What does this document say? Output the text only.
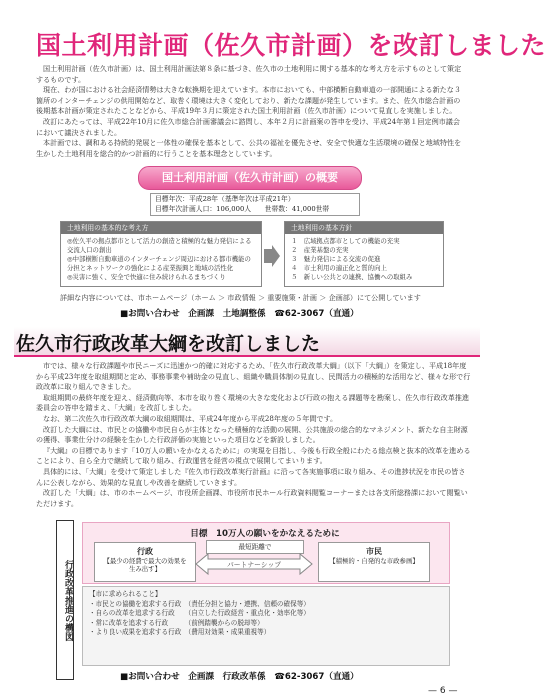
国土利用計画（佐久市計画）を改訂しました

国土利用計画（佐久市計画）は、国土利用計画法第８条に基づき、佐久市の土地利用に関する基本的な考え方を示すものとして策定するものです。

現在、わが国における社会経済情勢は大きな転換期を迎えています。本市においても、中部横断自動車道の一部開通による新たな３箇所のインターチェンジの供用開始など、取巻く環境は大きく変化しており、新たな課題が発生しています。また、佐久市総合計画の後期基本計画が策定されたことなどから、平成19年３月に策定された国土利用計画（佐久市計画）について見直しを実施しました。

改訂にあたっては、平成22年10月に佐久市総合計画審議会に諮問し、本年２月に計画案の答申を受け、平成24年第１回定例市議会において議決されました。

本計画では、調和ある持続的発展と一体性の確保を基本として、公共の福祉を優先させ、安全で快適な生活環境の確保と地域特性を生かした土地利用を総合的かつ計画的に行うことを基本理念としています。

国土利用計画（佐久市計画）の概要
目標年次：平成28年（基準年次は平成21年）
目標年次計画人口：106,000人　　世帯数：41,000世帯
土地利用の基本的な考え方
◎佐久平の拠点都市として活力の創造と積極的な魅力発信による交流人口の創出
◎中部横断自動車道のインターチェンジ周辺における都市機能の分担とネットワークの強化による産業振興と地域の活性化
◎災害に強く、安全で快適に住み続けられるまちづくり
土地利用の基本方針
１　広域拠点都市としての機能の充実
２　産業基盤の充実
３　魅力発信による交流の促進
４　市土利用の適正化と質的向上
５　新しい公共との連携、協働への取組み
詳細な内容については、市ホームページ（ホーム ＞ 市政情報 ＞ 重要施策・計画 ＞ 企画部）にて公開しています
■お問い合わせ　企画課　土地調整係　☎62-3067（直通）
佐久市行政改革大綱を改訂しました

市では、様々な行政課題や市民ニーズに迅速かつ的確に対応するため、「佐久市行政改革大綱」（以下「大綱」）を策定し、平成18年度から平成23年度を取組期間と定め、事務事業や補助金の見直し、組織や職員体制の見直し、民間活力の積極的な活用など、様々な形で行政改革に取り組んできました。

取組期間の最終年度を迎え、経済動向等、本市を取り巻く環境の大きな変化および行政の抱える課題等を勘案し、佐久市行政改革推進委員会の答申を踏まえ、「大綱」を改訂しました。

なお、第二次佐久市行政改革大綱の取組期間は、平成24年度から平成28年度の５年間です。

改訂した大綱には、市民との協働や市民自らが主体となった積極的な活動の展開、公共施設の総合的なマネジメント、新たな自主財源の獲得、事業仕分けの経験を生かした行政評価の実施といった項目などを新設しました。

『大綱』の目標であります「10万人の願いをかなえるために」の実現を目指し、今後も行政全般にわたる総点検と抜本的改革を進めることにより、自ら全力で継続して取り組み、行政運営を経営の視点で展開してまいります。

具体的には、「大綱」を受けて策定しました『佐久市行政改革実行計画』に沿って各実施事項に取り組み、その進捗状況を市民の皆さんに公表しながら、効果的な見直しや改善を継続していきます。

改訂した「大綱」は、市のホームページ、市役所企画課、市役所市民ホール行政資料閲覧コーナーまたは各支所総務課において閲覧いただけます。

行政改革推進の構図
目標　10万人の願いをかなえるために
行政
【最少の経費で最大の効果を生み出す】
最短距離で
パートナーシップ
市民
【積極的・自発的な市政参画】
【市に求められること】
・市民との協働を追求する行政　（責任分担と協力・連携、信頼の確保等）
・自らの改革を追求する行政　　（自立した行政経営・重点化・効率化等）
・常に改革を追求する行政　　　（前例踏襲からの脱却等）
・より良い成果を追求する行政　（費用対効果・成果重視等）
■お問い合わせ　企画課　行政改革係　☎62-3067（直通）
— 6 —
